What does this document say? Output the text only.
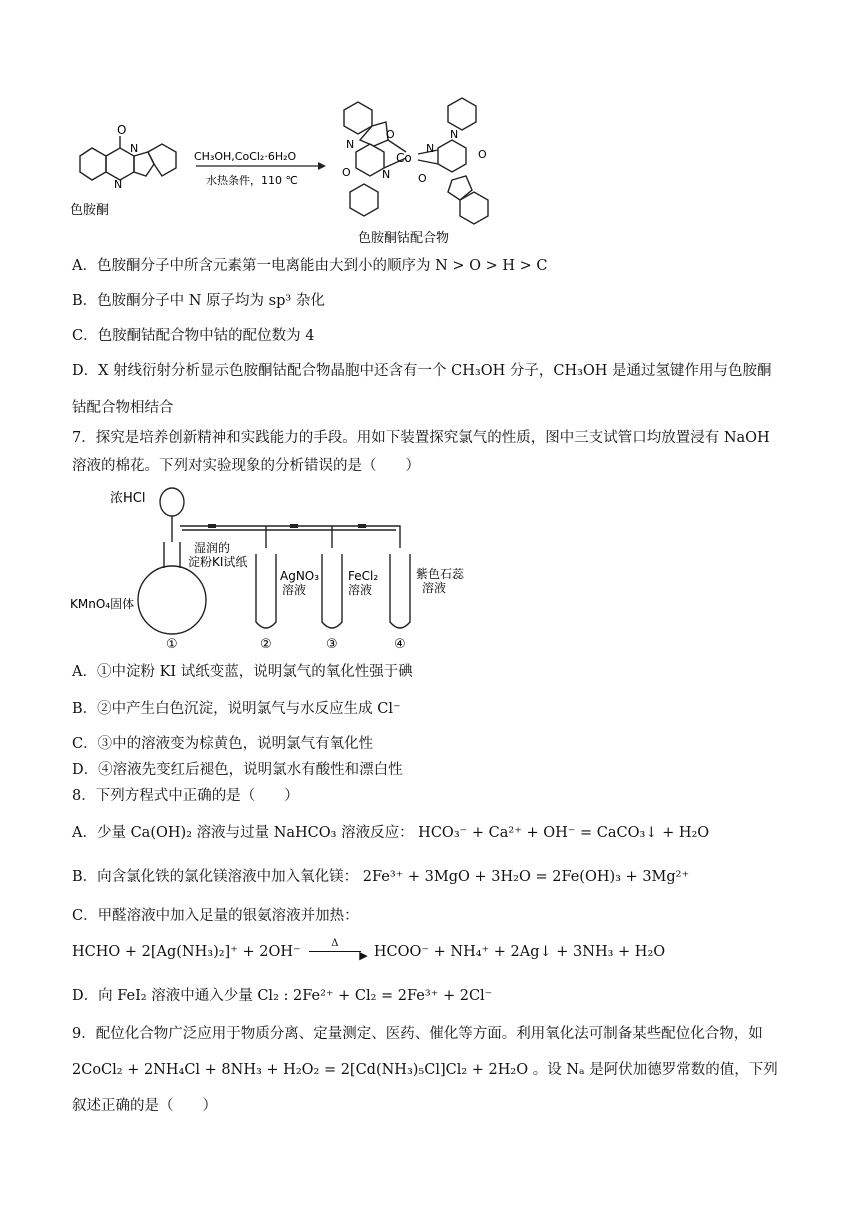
O
N
N
色胺酮
CH₃OH,CoCl₂·6H₂O
水热条件，110 ℃
Co
O
O
N
N
N
N
O
O
色胺酮钴配合物
A．色胺酮分子中所含元素第一电离能由大到小的顺序为 N > O > H > C
B．色胺酮分子中 N 原子均为 sp³ 杂化
C．色胺酮钴配合物中钴的配位数为 4
D．X 射线衍射分析显示色胺酮钴配合物晶胞中还含有一个 CH₃OH 分子，CH₃OH 是通过氢键作用与色胺酮
钴配合物相结合
7．探究是培养创新精神和实践能力的手段。用如下装置探究氯气的性质，图中三支试管口均放置浸有 NaOH
溶液的棉花。下列对实验现象的分析错误的是（　　）
浓HCl
湿润的
淀粉KI试纸
KMnO₄固体
AgNO₃
溶液
FeCl₂
溶液
紫色石蕊
溶液
①	②	③	④
A．①中淀粉 KI 试纸变蓝，说明氯气的氧化性强于碘
B．②中产生白色沉淀，说明氯气与水反应生成 Cl⁻
C．③中的溶液变为棕黄色，说明氯气有氧化性
D．④溶液先变红后褪色，说明氯水有酸性和漂白性
8．下列方程式中正确的是（　　）
A．少量 Ca(OH)₂ 溶液与过量 NaHCO₃ 溶液反应： HCO₃⁻ + Ca²⁺ + OH⁻ = CaCO₃↓ + H₂O
B．向含氯化铁的氯化镁溶液中加入氧化镁： 2Fe³⁺ + 3MgO + 3H₂O = 2Fe(OH)₃ + 3Mg²⁺
C．甲醛溶液中加入足量的银氨溶液并加热：
HCHO + 2[Ag(NH₃)₂]⁺ + 2OH⁻
Δ
▶ HCOO⁻ + NH₄⁺ + 2Ag↓ + 3NH₃ + H₂O
D．向 FeI₂ 溶液中通入少量 Cl₂ : 2Fe²⁺ + Cl₂ = 2Fe³⁺ + 2Cl⁻
9．配位化合物广泛应用于物质分离、定量测定、医药、催化等方面。利用氧化法可制备某些配位化合物，如
2CoCl₂ + 2NH₄Cl + 8NH₃ + H₂O₂ = 2[Cd(NH₃)₅Cl]Cl₂ + 2H₂O 。设 Nₐ 是阿伏加德罗常数的值，下列
叙述正确的是（　　）
